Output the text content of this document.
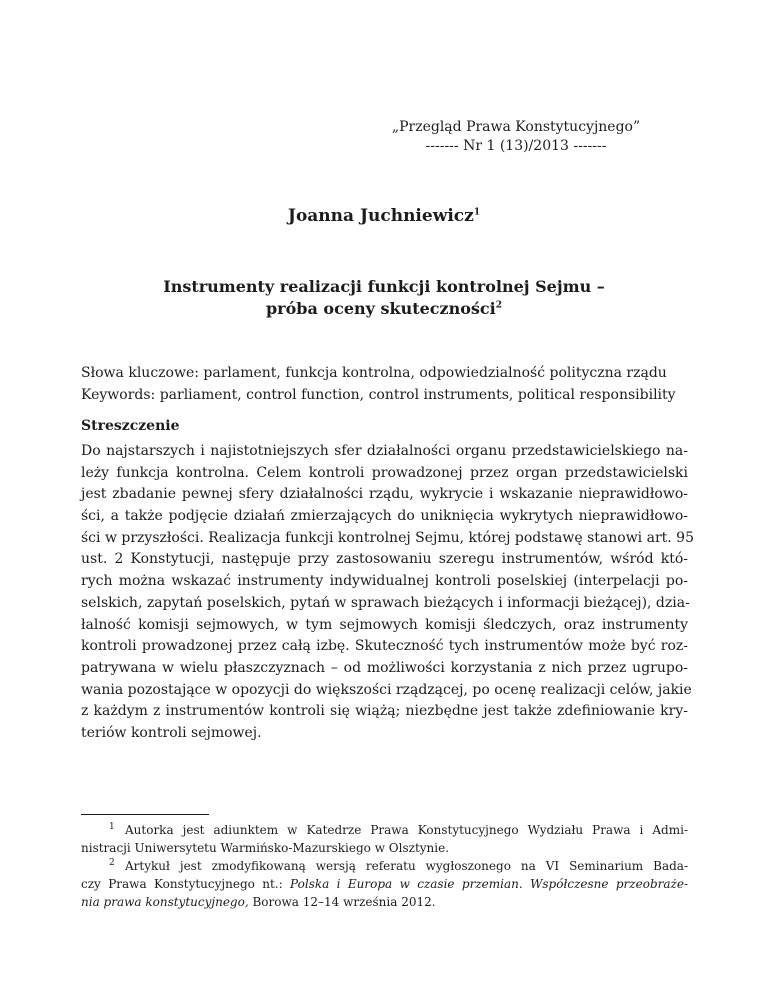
„Przegląd Prawa Konstytucyjnego”
------- Nr 1 (13)/2013 -------
Joanna Juchniewicz$^1$
Instrumenty realizacji funkcji kontrolnej Sejmu –
próba oceny skuteczności$^2$
Słowa kluczowe: parlament, funkcja kontrolna, odpowiedzialność polityczna rządu
Keywords: parliament, control function, control instruments, political responsibility
Streszczenie
Do najstarszych i najistotniejszych sfer działalności organu przedstawicielskiego na-
leży funkcja kontrolna. Celem kontroli prowadzonej przez organ przedstawicielski
jest zbadanie pewnej sfery działalności rządu, wykrycie i wskazanie nieprawidłowo-
ści, a także podjęcie działań zmierzających do uniknięcia wykrytych nieprawidłowo-
ści w przyszłości. Realizacja funkcji kontrolnej Sejmu, której podstawę stanowi art. 95
ust. 2 Konstytucji, następuje przy zastosowaniu szeregu instrumentów, wśród któ-
rych można wskazać instrumenty indywidualnej kontroli poselskiej (interpelacji po-
selskich, zapytań poselskich, pytań w sprawach bieżących i informacji bieżącej), dzia-
łalność komisji sejmowych, w tym sejmowych komisji śledczych, oraz instrumenty
kontroli prowadzonej przez całą izbę. Skuteczność tych instrumentów może być roz-
patrywana w wielu płaszczyznach – od możliwości korzystania z nich przez ugrupo-
wania pozostające w opozycji do większości rządzącej, po ocenę realizacji celów, jakie
z każdym z instrumentów kontroli się wiążą; niezbędne jest także zdefiniowanie kry-
teriów kontroli sejmowej.
1 Autorka jest adiunktem w Katedrze Prawa Konstytucyjnego Wydziału Prawa i Admi-
nistracji Uniwersytetu Warmińsko-Mazurskiego w Olsztynie.
2 Artykuł jest zmodyfikowaną wersją referatu wygłoszonego na VI Seminarium Bada-
czy Prawa Konstytucyjnego nt.: Polska i Europa w czasie przemian. Współczesne przeobraże-
nia prawa konstytucyjnego, Borowa 12–14 września 2012.
